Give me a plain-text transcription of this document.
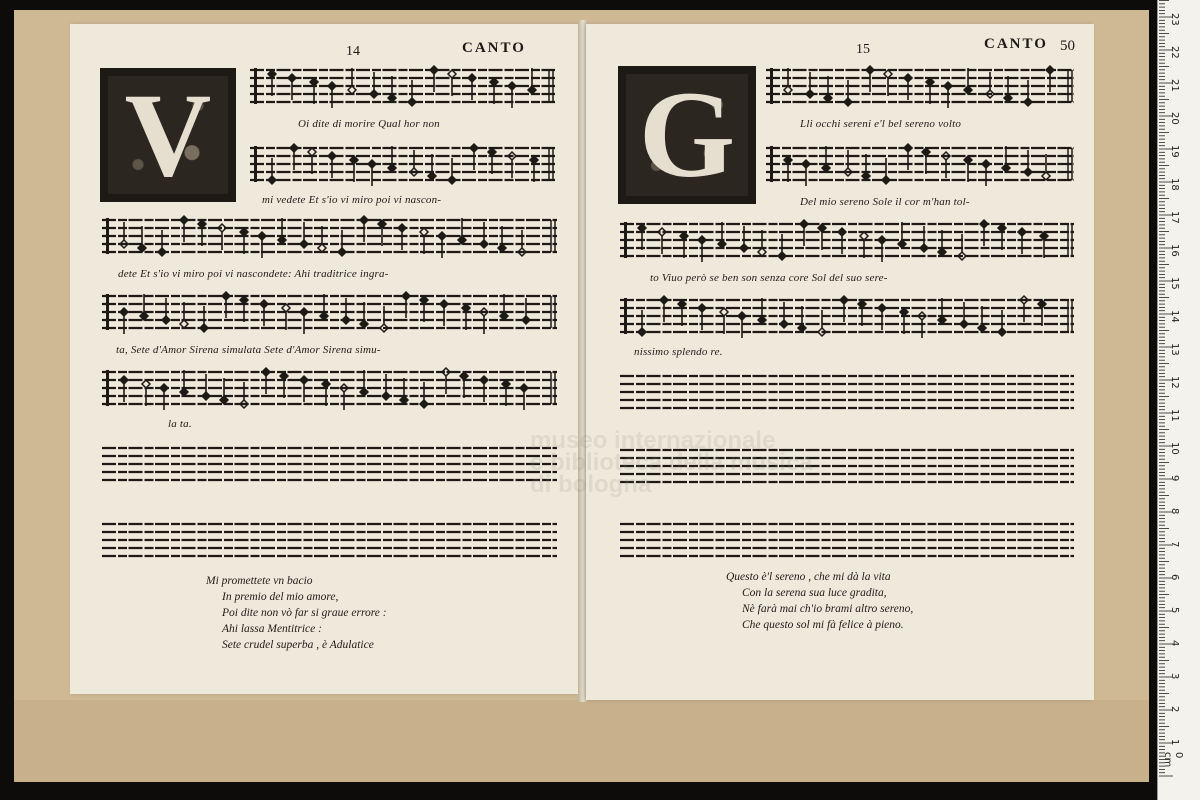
14	CANTO
V	Oi dite di morire Qual hor non
mi vedete Et s'io vi miro poi vi nascon-
dete Et s'io vi miro poi vi nascondete: Ahi traditrice ingra-
ta, Sete d'Amor Sirena simulata Sete d'Amor Sirena simu-
la ta.
Mi promettete vn bacio
In premio del mio amore,
Poi dite non vò far si graue errore :
Ahi lassa Mentitrice :
Sete crudel superba , è Adulatice
15	CANTO 50
G	Lli occhi sereni e'l bel sereno volto
Del mio sereno Sole il cor m'han tol-
to Viuo però se ben son senza core Sol del suo sere-
nissimo splendo re.
Questo è'l sereno , che mi dà la vita
Con la serena sua luce gradita,
Nè farà mai ch'io brami altro sereno,
Che questo sol mi fà felice à pieno.
museo internazionale
e biblioteca della musica
di bologna
0 cm
1
2
3
4
5
6
7
8
9
10
11
12
13
14
15
16
17
18
19
20
21
22
23
